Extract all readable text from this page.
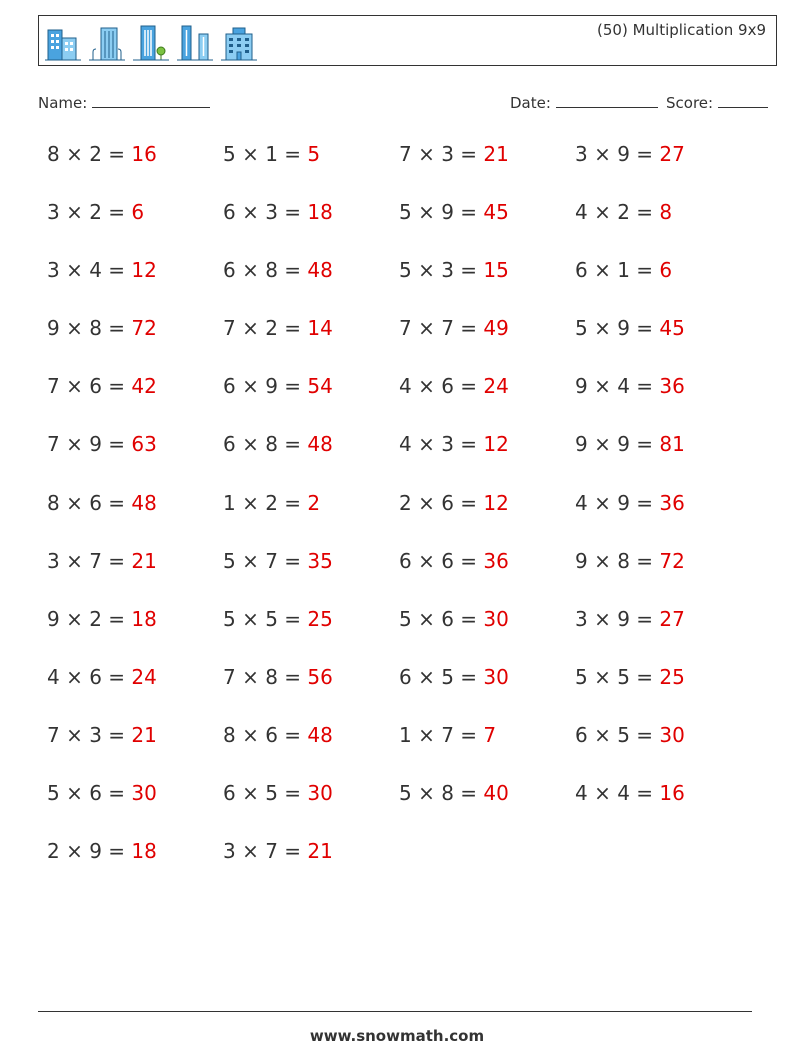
(50) Multiplication 9x9
Name:	Date:	Score:
8 × 2 = 16	5 × 1 = 5	7 × 3 = 21	3 × 9 = 27
3 × 2 = 6	6 × 3 = 18	5 × 9 = 45	4 × 2 = 8
3 × 4 = 12	6 × 8 = 48	5 × 3 = 15	6 × 1 = 6
9 × 8 = 72	7 × 2 = 14	7 × 7 = 49	5 × 9 = 45
7 × 6 = 42	6 × 9 = 54	4 × 6 = 24	9 × 4 = 36
7 × 9 = 63	6 × 8 = 48	4 × 3 = 12	9 × 9 = 81
8 × 6 = 48	1 × 2 = 2	2 × 6 = 12	4 × 9 = 36
3 × 7 = 21	5 × 7 = 35	6 × 6 = 36	9 × 8 = 72
9 × 2 = 18	5 × 5 = 25	5 × 6 = 30	3 × 9 = 27
4 × 6 = 24	7 × 8 = 56	6 × 5 = 30	5 × 5 = 25
7 × 3 = 21	8 × 6 = 48	1 × 7 = 7	6 × 5 = 30
5 × 6 = 30	6 × 5 = 30	5 × 8 = 40	4 × 4 = 16
2 × 9 = 18	3 × 7 = 21
www.snowmath.com
